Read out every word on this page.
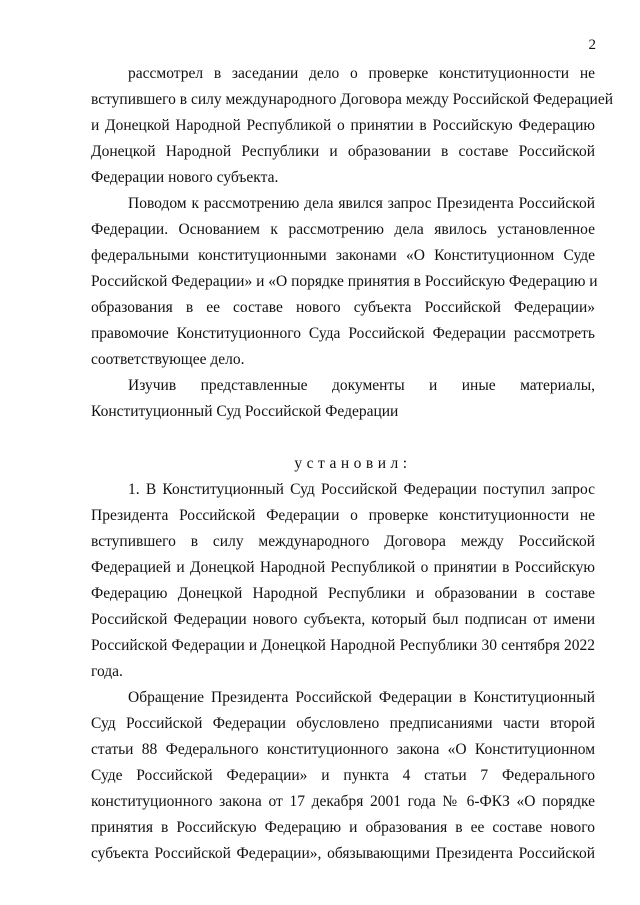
2
рассмотрел в заседании дело о проверке конституционности не
вступившего в силу международного Договора между Российской Федерацией
и Донецкой Народной Республикой о принятии в Российскую Федерацию
Донецкой Народной Республики и образовании в составе Российской
Федерации нового субъекта.
Поводом к рассмотрению дела явился запрос Президента Российской
Федерации. Основанием к рассмотрению дела явилось установленное
федеральными конституционными законами «О Конституционном Суде
Российской Федерации» и «О порядке принятия в Российскую Федерацию и
образования в ее составе нового субъекта Российской Федерации»
правомочие Конституционного Суда Российской Федерации рассмотреть
соответствующее дело.
Изучив представленные документы и иные материалы,
Конституционный Суд Российской Федерации
установил:
1. В Конституционный Суд Российской Федерации поступил запрос
Президента Российской Федерации о проверке конституционности не
вступившего в силу международного Договора между Российской
Федерацией и Донецкой Народной Республикой о принятии в Российскую
Федерацию Донецкой Народной Республики и образовании в составе
Российской Федерации нового субъекта, который был подписан от имени
Российской Федерации и Донецкой Народной Республики 30 сентября 2022
года.
Обращение Президента Российской Федерации в Конституционный
Суд Российской Федерации обусловлено предписаниями части второй
статьи 88 Федерального конституционного закона «О Конституционном
Суде Российской Федерации» и пункта 4 статьи 7 Федерального
конституционного закона от 17 декабря 2001 года № 6-ФКЗ «О порядке
принятия в Российскую Федерацию и образования в ее составе нового
субъекта Российской Федерации», обязывающими Президента Российской
